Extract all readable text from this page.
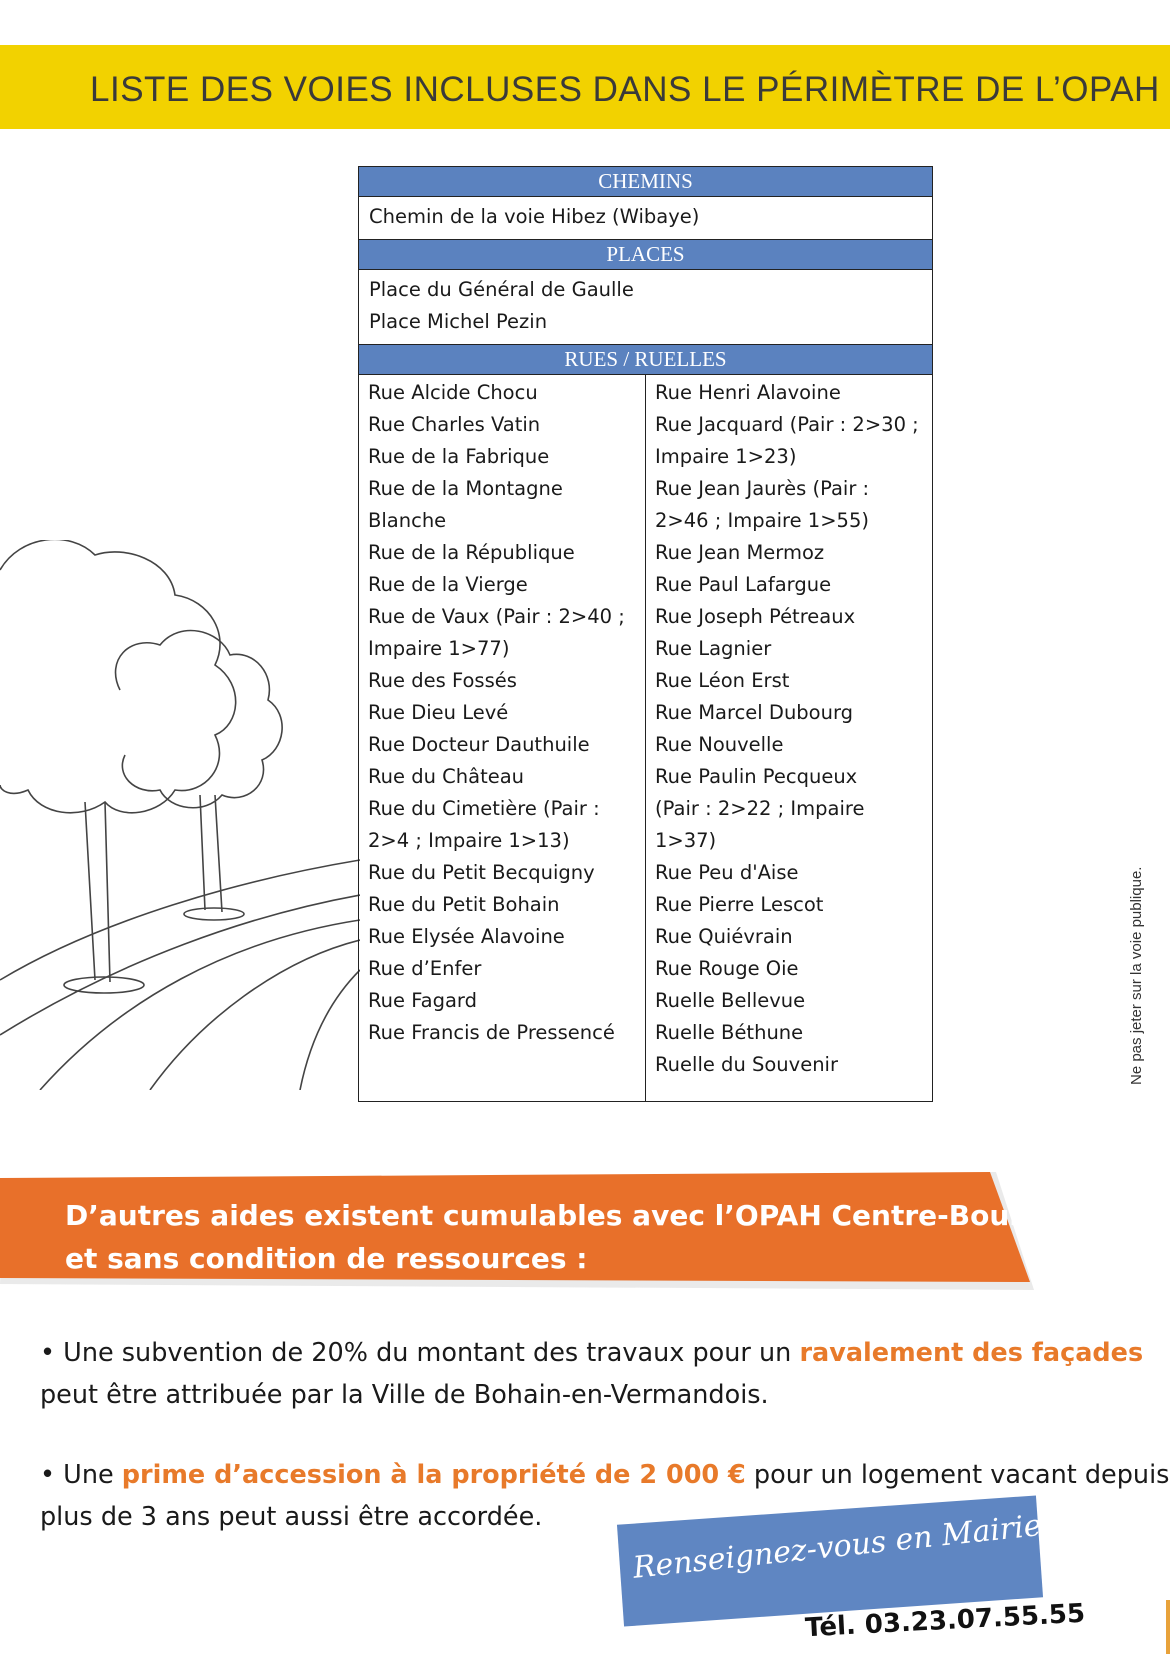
LISTE DES VOIES INCLUSES DANS LE PÉRIMÈTRE DE L’OPAH
CHEMINS

Chemin de la voie Hibez (Wibaye)

PLACES

Place du Général de Gaulle
Place Michel Pezin

RUES / RUELLES

Rue Alcide Chocu
Rue Charles Vatin
Rue de la Fabrique
Rue de la Montagne
Blanche
Rue de la République
Rue de la Vierge
Rue de Vaux (Pair : 2>40 ;
Impaire 1>77)
Rue des Fossés
Rue Dieu Levé
Rue Docteur Dauthuile
Rue du Château
Rue du Cimetière (Pair :
2>4 ; Impaire 1>13)
Rue du Petit Becquigny
Rue du Petit Bohain
Rue Elysée Alavoine
Rue d’Enfer
Rue Fagard
Rue Francis de Pressencé

Rue Henri Alavoine
Rue Jacquard (Pair : 2>30 ;
Impaire 1>23)
Rue Jean Jaurès (Pair :
2>46 ; Impaire 1>55)
Rue Jean Mermoz
Rue Paul Lafargue
Rue Joseph Pétreaux
Rue Lagnier
Rue Léon Erst
Rue Marcel Dubourg
Rue Nouvelle
Rue Paulin Pecqueux
(Pair : 2>22 ; Impaire
1>37)
Rue Peu d'Aise
Rue Pierre Lescot
Rue Quiévrain
Rue Rouge Oie
Ruelle Bellevue
Ruelle Béthune
Ruelle du Souvenir	Ne pas jeter sur la voie publique.
D’autres aides existent cumulables avec l’OPAH Centre-Bourg
et sans condition de ressources :
• Une subvention de 20% du montant des travaux pour un ravalement des façades
peut être attribuée par la Ville de Bohain-en-Vermandois.
• Une prime d’accession à la propriété de 2 000 € pour un logement vacant depuis
plus de 3 ans peut aussi être accordée.	Renseignez-vous en Mairie !
Tél. 03.23.07.55.55
